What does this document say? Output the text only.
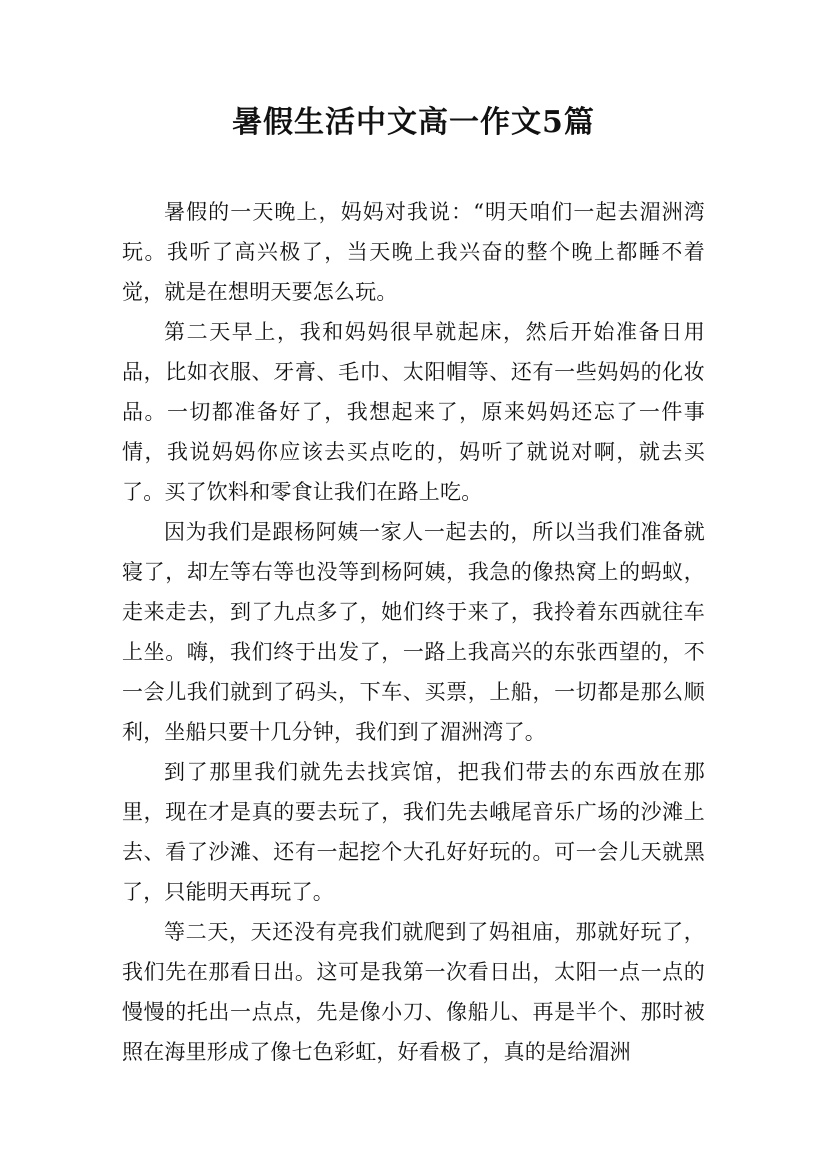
暑假生活中文高一作文5篇

暑假的一天晚上，妈妈对我说：“明天咱们一起去湄洲湾玩。我听了高兴极了，当天晚上我兴奋的整个晚上都睡不着觉，就是在想明天要怎么玩。

第二天早上，我和妈妈很早就起床，然后开始准备日用品，比如衣服、牙膏、毛巾、太阳帽等、还有一些妈妈的化妆品。一切都准备好了，我想起来了，原来妈妈还忘了一件事情，我说妈妈你应该去买点吃的，妈听了就说对啊，就去买了。买了饮料和零食让我们在路上吃。

因为我们是跟杨阿姨一家人一起去的，所以当我们准备就寝了，却左等右等也没等到杨阿姨，我急的像热窝上的蚂蚁，走来走去，到了九点多了，她们终于来了，我拎着东西就往车上坐。嗨，我们终于出发了，一路上我高兴的东张西望的，不一会儿我们就到了码头，下车、买票，上船，一切都是那么顺利，坐船只要十几分钟，我们到了湄洲湾了。

到了那里我们就先去找宾馆，把我们带去的东西放在那里，现在才是真的要去玩了，我们先去峨尾音乐广场的沙滩上去、看了沙滩、还有一起挖个大孔好好玩的。可一会儿天就黑了，只能明天再玩了。

等二天，天还没有亮我们就爬到了妈祖庙，那就好玩了，我们先在那看日出。这可是我第一次看日出，太阳一点一点的慢慢的托出一点点，先是像小刀、像船儿、再是半个、那时被照在海里形成了像七色彩虹，好看极了，真的是给湄洲
